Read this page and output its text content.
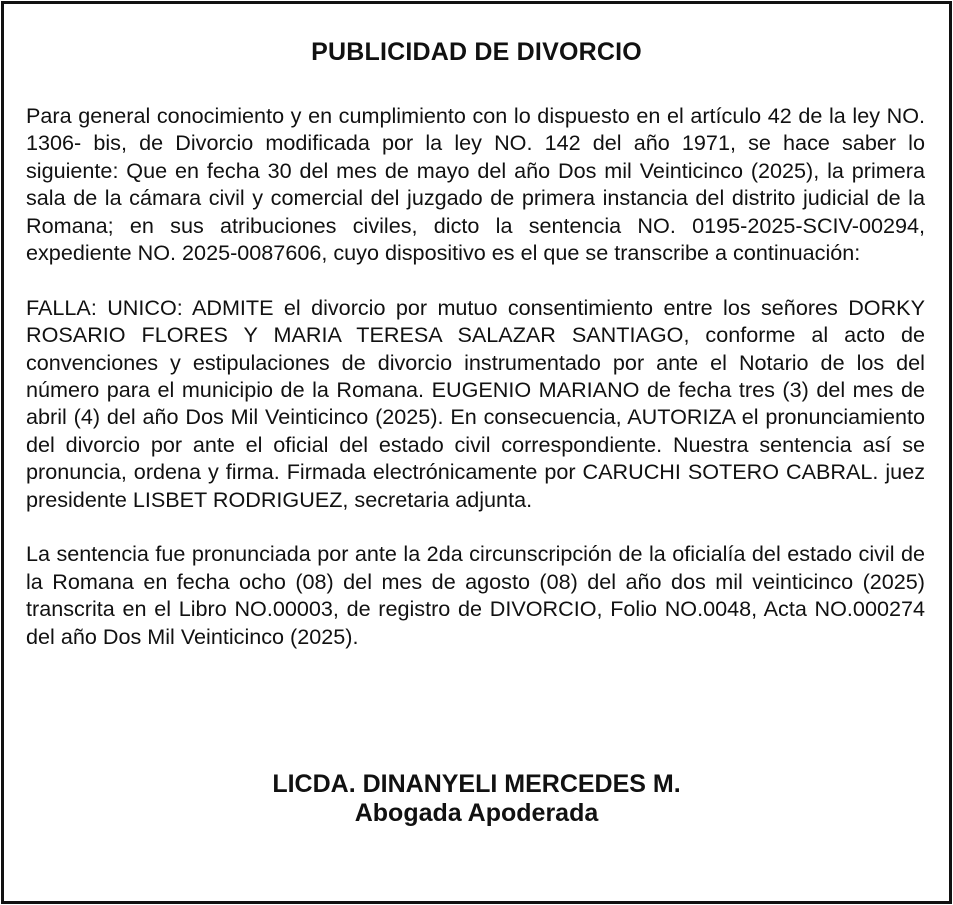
PUBLICIDAD DE DIVORCIO

Para general conocimiento y en cumplimiento con lo dispuesto en el artículo 42 de la ley NO. 1306- bis, de Divorcio modificada por la ley NO. 142 del año 1971, se hace saber lo siguiente: Que en fecha 30 del mes de mayo del año Dos mil Veinticinco (2025), la primera sala de la cámara civil y comercial del juzgado de primera instancia del distrito judicial de la Romana; en sus atribuciones civiles, dicto la sentencia NO. 0195-2025-SCIV-00294, expediente NO. 2025-0087606, cuyo dispositivo es el que se transcribe a continuación:

FALLA: UNICO: ADMITE el divorcio por mutuo consentimiento entre los señores DORKY ROSARIO FLORES Y MARIA TERESA SALAZAR SANTIAGO, conforme al acto de convenciones y estipulaciones de divorcio instrumentado por ante el Notario de los del número para el municipio de la Romana. EUGENIO MARIANO de fecha tres (3) del mes de abril (4) del año Dos Mil Veinticinco (2025). En consecuencia, AUTORIZA el pronunciamiento del divorcio por ante el oficial del estado civil correspondiente. Nuestra sentencia así se pronuncia, ordena y firma. Firmada electrónicamente por CARUCHI SOTERO CABRAL. juez presidente LISBET RODRIGUEZ, secretaria adjunta.

La sentencia fue pronunciada por ante la 2da circunscripción de la oficialía del estado civil de la Romana en fecha ocho (08) del mes de agosto (08) del año dos mil veinticinco (2025) transcrita en el Libro NO.00003, de registro de DIVORCIO, Folio NO.0048, Acta NO.000274 del año Dos Mil Veinticinco (2025).

LICDA. DINANYELI MERCEDES M.
Abogada Apoderada
